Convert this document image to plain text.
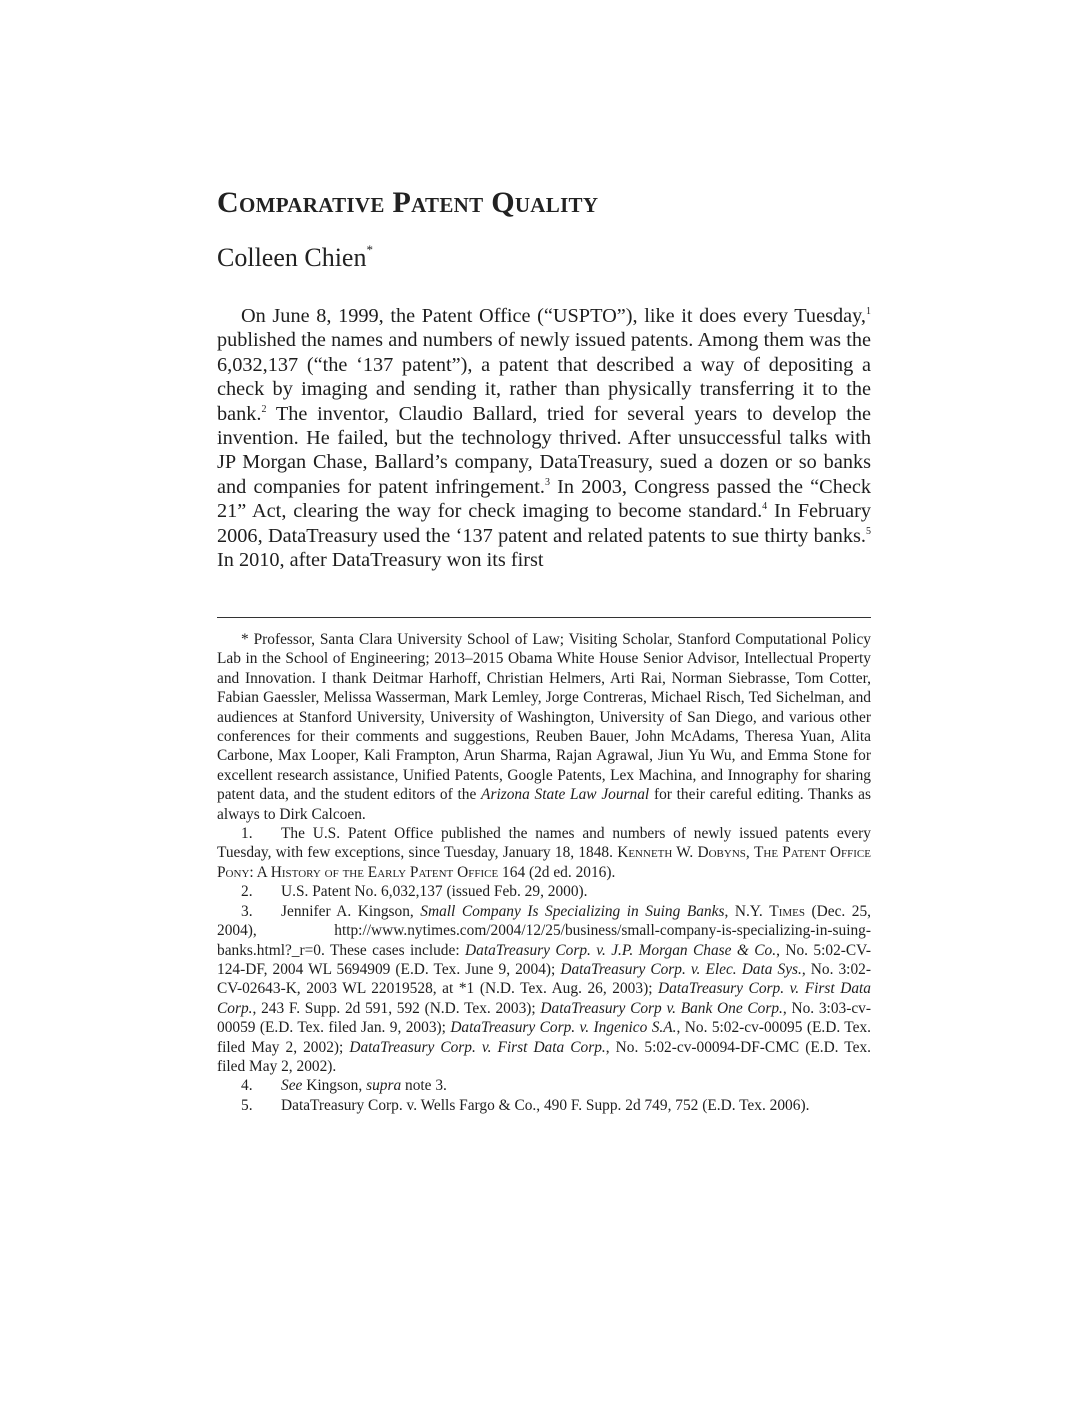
Comparative Patent Quality
Colleen Chien*

On June 8, 1999, the Patent Office (“USPTO”), like it does every Tuesday,$^1$ published the names and numbers of newly issued patents. Among them was the 6,032,137 (“the ‘137 patent”), a patent that described a way of depositing a check by imaging and sending it, rather than physically transferring it to the bank.$^2$ The inventor, Claudio Ballard, tried for several years to develop the invention. He failed, but the technology thrived. After unsuccessful talks with JP Morgan Chase, Ballard’s company, DataTreasury, sued a dozen or so banks and companies for patent infringement.$^3$ In 2003, Congress passed the “Check 21” Act, clearing the way for check imaging to become standard.$^4$ In February 2006, DataTreasury used the ‘137 patent and related patents to sue thirty banks.$^5$ In 2010, after DataTreasury won its first

* Professor, Santa Clara University School of Law; Visiting Scholar, Stanford Computational Policy Lab in the School of Engineering; 2013–2015 Obama White House Senior Advisor, Intellectual Property and Innovation. I thank Deitmar Harhoff, Christian Helmers, Arti Rai, Norman Siebrasse, Tom Cotter, Fabian Gaessler, Melissa Wasserman, Mark Lemley, Jorge Contreras, Michael Risch, Ted Sichelman, and audiences at Stanford University, University of Washington, University of San Diego, and various other conferences for their comments and suggestions, Reuben Bauer, John McAdams, Theresa Yuan, Alita Carbone, Max Looper, Kali Frampton, Arun Sharma, Rajan Agrawal, Jiun Yu Wu, and Emma Stone for excellent research assistance, Unified Patents, Google Patents, Lex Machina, and Innography for sharing patent data, and the student editors of the Arizona State Law Journal for their careful editing. Thanks as always to Dirk Calcoen.

1. The U.S. Patent Office published the names and numbers of newly issued patents every Tuesday, with few exceptions, since Tuesday, January 18, 1848. Kenneth W. Dobyns, The Patent Office Pony: A History of the Early Patent Office 164 (2d ed. 2016).

2. U.S. Patent No. 6,032,137 (issued Feb. 29, 2000).

3. Jennifer A. Kingson, Small Company Is Specializing in Suing Banks, N.Y. Times (Dec. 25, 2004), http://www.nytimes.com/2004/12/25/business/small-company-is-specializing-in-suing-banks.html?_r=0. These cases include: DataTreasury Corp. v. J.P. Morgan Chase & Co., No. 5:02-CV-124-DF, 2004 WL 5694909 (E.D. Tex. June 9, 2004); DataTreasury Corp. v. Elec. Data Sys., No. 3:02-CV-02643-K, 2003 WL 22019528, at *1 (N.D. Tex. Aug. 26, 2003); DataTreasury Corp. v. First Data Corp., 243 F. Supp. 2d 591, 592 (N.D. Tex. 2003); DataTreasury Corp v. Bank One Corp., No. 3:03-cv-00059 (E.D. Tex. filed Jan. 9, 2003); DataTreasury Corp. v. Ingenico S.A., No. 5:02-cv-00095 (E.D. Tex. filed May 2, 2002); DataTreasury Corp. v. First Data Corp., No. 5:02-cv-00094-DF-CMC (E.D. Tex. filed May 2, 2002).

4. See Kingson, supra note 3.

5. DataTreasury Corp. v. Wells Fargo & Co., 490 F. Supp. 2d 749, 752 (E.D. Tex. 2006).
